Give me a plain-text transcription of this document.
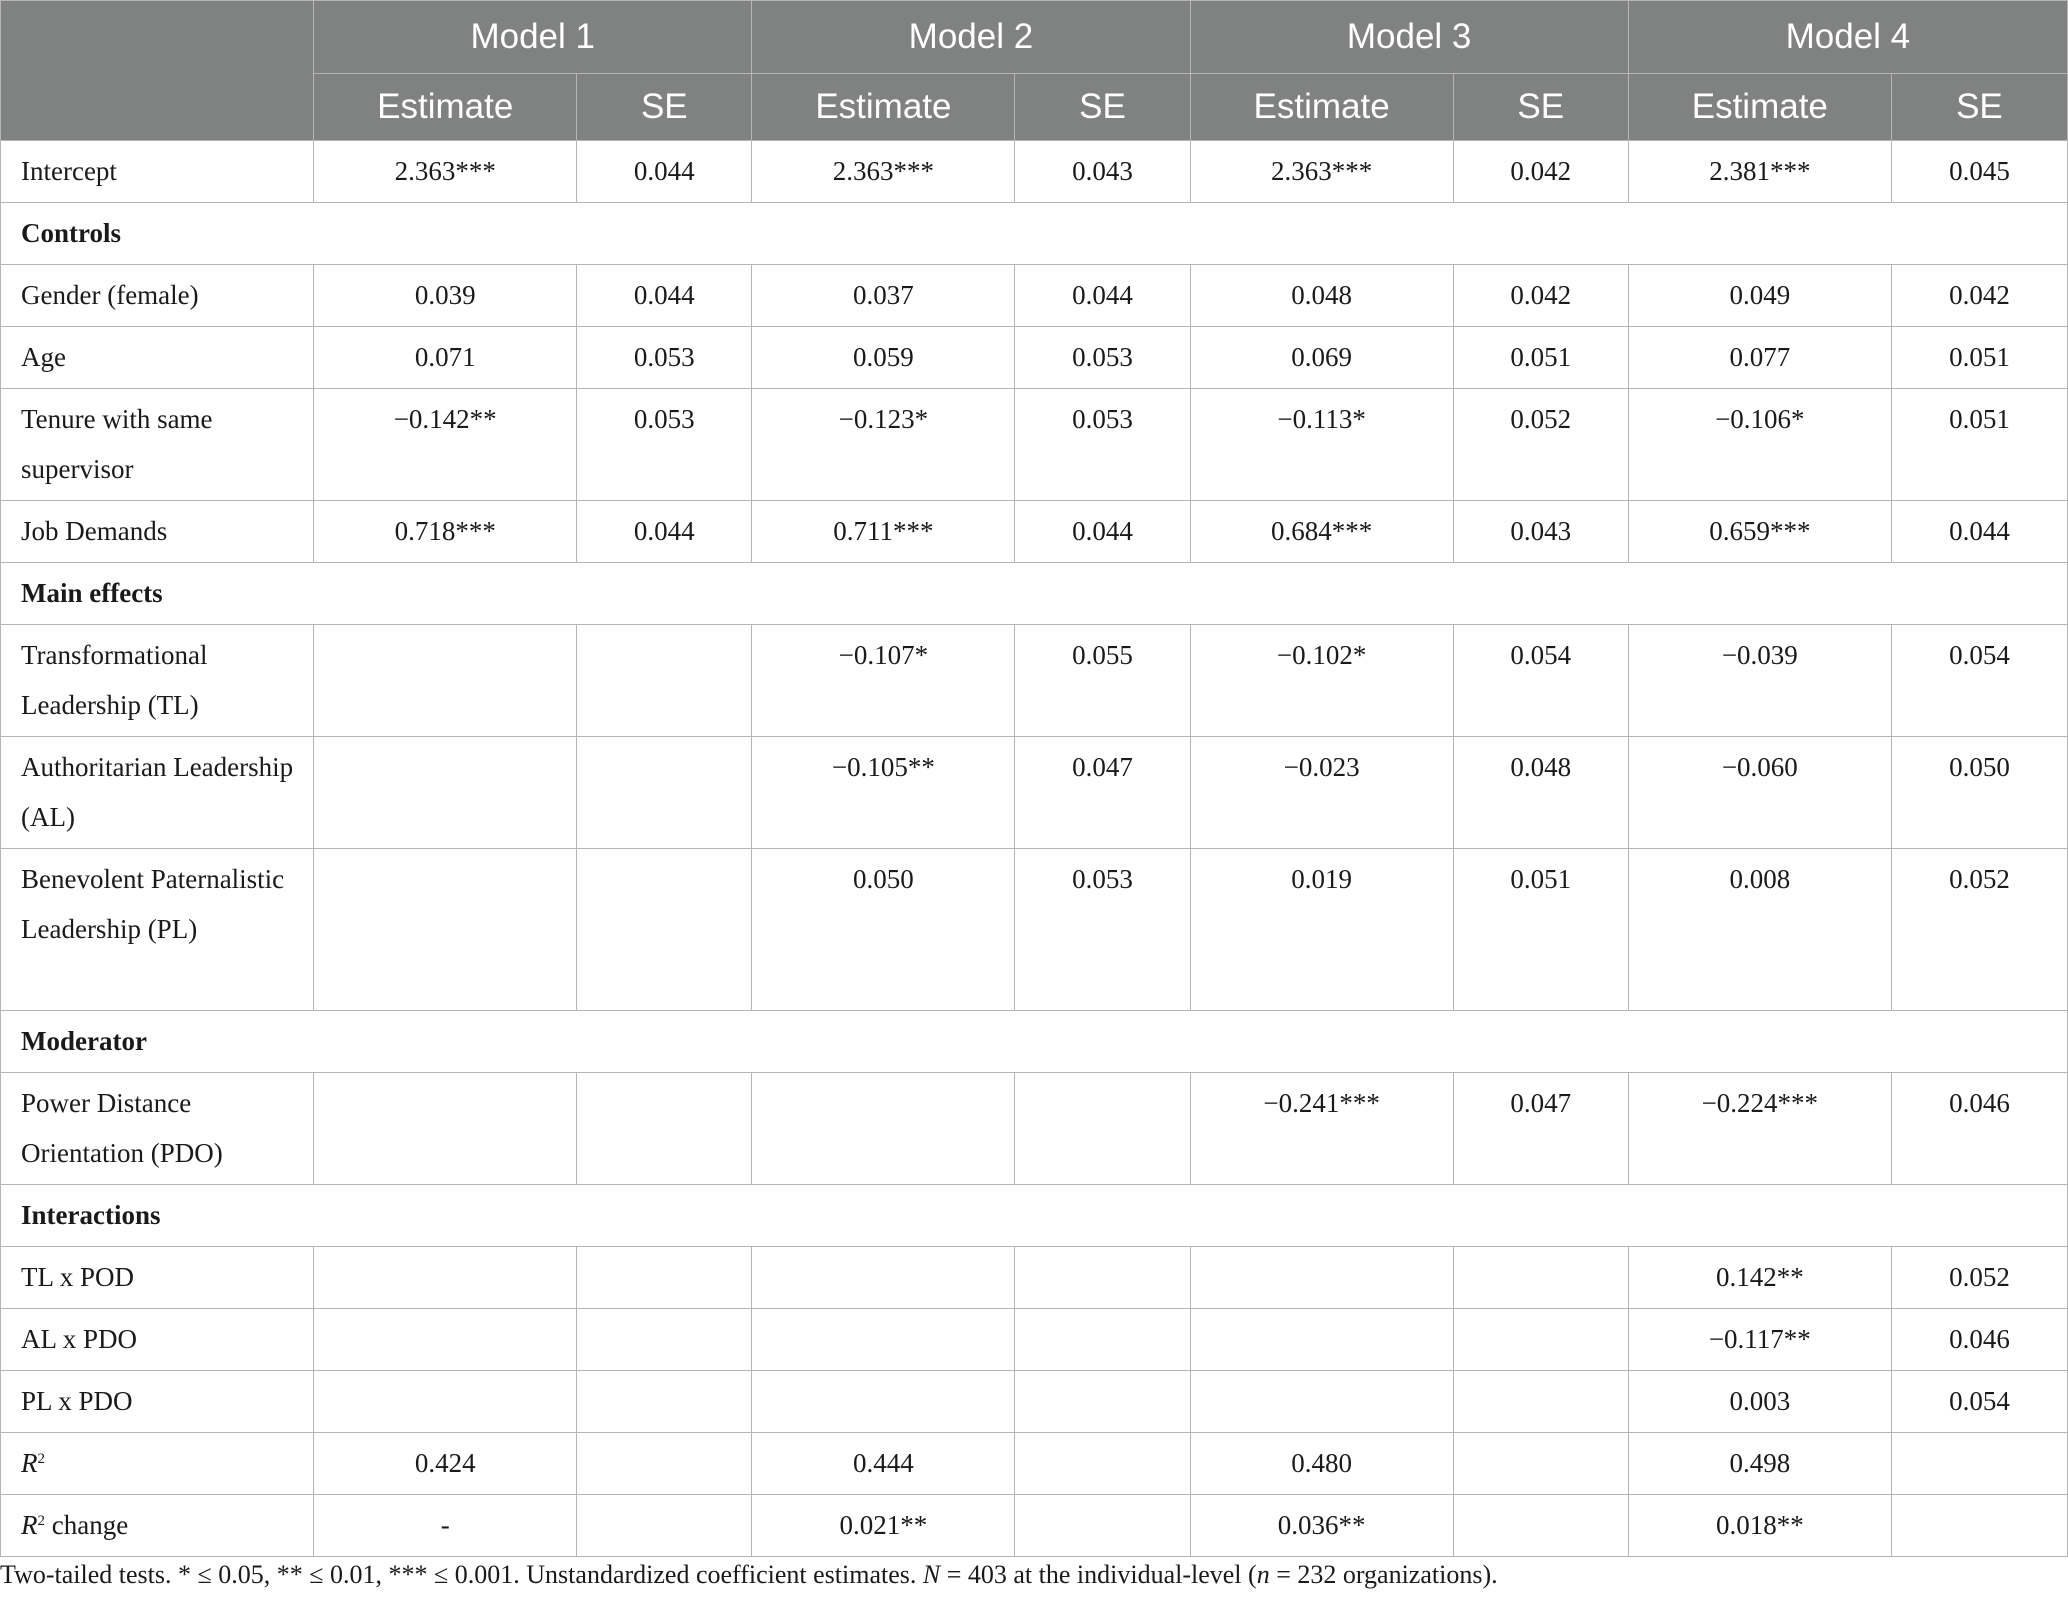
	Model 1		Model 2		Model 3		Model 4	
	Estimate	SE	Estimate	SE	Estimate	SE	Estimate	SE
Intercept	2.363***	0.044	2.363***	0.043	2.363***	0.042	2.381***	0.045
Controls								
Gender (female)	0.039	0.044	0.037	0.044	0.048	0.042	0.049	0.042
Age	0.071	0.053	0.059	0.053	0.069	0.051	0.077	0.051
Tenure with same supervisor	−0.142**	0.053	−0.123*	0.053	−0.113*	0.052	−0.106*	0.051
Job Demands	0.718***	0.044	0.711***	0.044	0.684***	0.043	0.659***	0.044
Main effects								
Transformational Leadership (TL)			−0.107*	0.055	−0.102*	0.054	−0.039	0.054
Authoritarian Leadership (AL)			−0.105**	0.047	−0.023	0.048	−0.060	0.050
Benevolent Paternalistic Leadership (PL)			0.050	0.053	0.019	0.051	0.008	0.052
Moderator								
Power Distance Orientation (PDO)					−0.241***	0.047	−0.224***	0.046
Interactions								
TL x POD							0.142**	0.052
AL x PDO							−0.117**	0.046
PL x PDO							0.003	0.054
$R^2$	0.424		0.444		0.480		0.498	
$R^2$ change	-		0.021**		0.036**		0.018**	
Two-tailed tests. * ≤ 0.05, ** ≤ 0.01, *** ≤ 0.001. Unstandardized coefficient estimates. N = 403 at the individual-level (n = 232 organizations).
